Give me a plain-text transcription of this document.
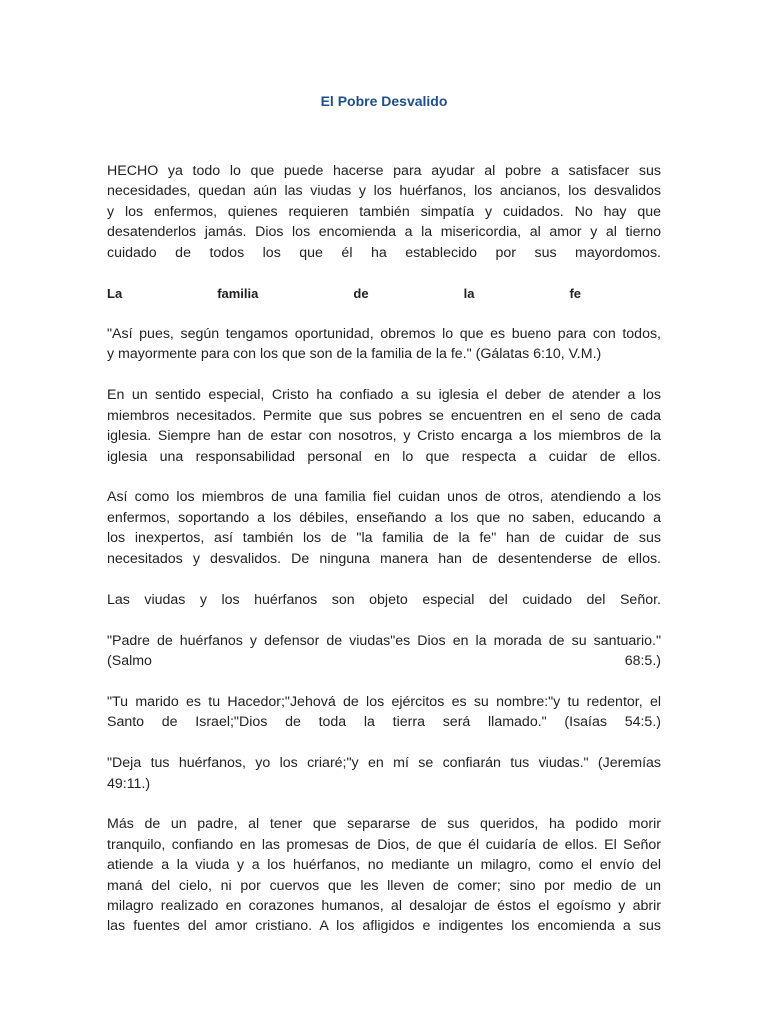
El Pobre Desvalido

HECHO ya todo lo que puede hacerse para ayudar al pobre a satisfacer sus
necesidades, quedan aún las viudas y los huérfanos, los ancianos, los desvalidos
y los enfermos, quienes requieren también simpatía y cuidados. No hay que
desatenderlos jamás. Dios los encomienda a la misericordia, al amor y al tierno
cuidado de todos los que él ha establecido por sus mayordomos.

La	familia	de	la	fe

"Así pues, según tengamos oportunidad, obremos lo que es bueno para con todos,
y mayormente para con los que son de la familia de la fe." (Gálatas 6:10, V.M.)

En un sentido especial, Cristo ha confiado a su iglesia el deber de atender a los
miembros necesitados. Permite que sus pobres se encuentren en el seno de cada
iglesia. Siempre han de estar con nosotros, y Cristo encarga a los miembros de la
iglesia una responsabilidad personal en lo que respecta a cuidar de ellos.

Así como los miembros de una familia fiel cuidan unos de otros, atendiendo a los
enfermos, soportando a los débiles, enseñando a los que no saben, educando a
los inexpertos, así también los de "la familia de la fe" han de cuidar de sus
necesitados y desvalidos. De ninguna manera han de desentenderse de ellos.

Las viudas y los huérfanos son objeto especial del cuidado del Señor.

"Padre de huérfanos y defensor de viudas"es Dios en la morada de su santuario."
(Salmo 68:5.)

"Tu marido es tu Hacedor;"Jehová de los ejércitos es su nombre:"y tu redentor, el
Santo de Israel;"Dios de toda la tierra será llamado." (Isaías 54:5.)

"Deja tus huérfanos, yo los criaré;"y en mí se confiarán tus viudas." (Jeremías
49:11.)

Más de un padre, al tener que separarse de sus queridos, ha podido morir
tranquilo, confiando en las promesas de Dios, de que él cuidaría de ellos. El Señor
atiende a la viuda y a los huérfanos, no mediante un milagro, como el envío del
maná del cielo, ni por cuervos que les lleven de comer; sino por medio de un
milagro realizado en corazones humanos, al desalojar de éstos el egoísmo y abrir
las fuentes del amor cristiano. A los afligidos e indigentes los encomienda a sus
